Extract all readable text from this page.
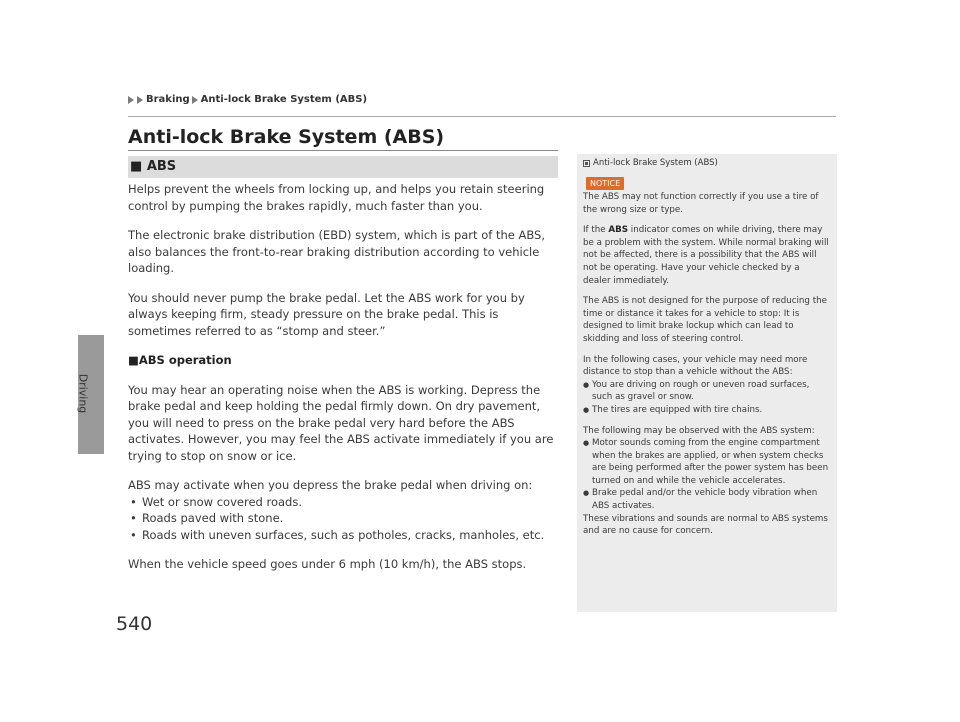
Driving
540
Braking Anti-lock Brake System (ABS)
Anti-lock Brake System (ABS)
■ ABS

Helps prevent the wheels from locking up, and helps you retain steering control by pumping the brakes rapidly, much faster than you.

The electronic brake distribution (EBD) system, which is part of the ABS, also balances the front-to-rear braking distribution according to vehicle loading.

You should never pump the brake pedal. Let the ABS work for you by always keeping firm, steady pressure on the brake pedal. This is sometimes referred to as “stomp and steer.”

■ABS operation

You may hear an operating noise when the ABS is working. Depress the brake pedal and keep holding the pedal firmly down. On dry pavement, you will need to press on the brake pedal very hard before the ABS activates. However, you may feel the ABS activate immediately if you are trying to stop on snow or ice.

ABS may activate when you depress the brake pedal when driving on:

• Wet or snow covered roads.
• Roads paved with stone.
• Roads with uneven surfaces, such as potholes, cracks, manholes, etc.

When the vehicle speed goes under 6 mph (10 km/h), the ABS stops.

Anti-lock Brake System (ABS)
NOTICE

The ABS may not function correctly if you use a tire of the wrong size or type.

If the ABS indicator comes on while driving, there may be a problem with the system. While normal braking will not be affected, there is a possibility that the ABS will not be operating. Have your vehicle checked by a dealer immediately.

The ABS is not designed for the purpose of reducing the time or distance it takes for a vehicle to stop: It is designed to limit brake lockup which can lead to skidding and loss of steering control.

In the following cases, your vehicle may need more distance to stop than a vehicle without the ABS:

● You are driving on rough or uneven road surfaces, such as gravel or snow.
● The tires are equipped with tire chains.

The following may be observed with the ABS system:

● Motor sounds coming from the engine compartment when the brakes are applied, or when system checks are being performed after the power system has been turned on and while the vehicle accelerates.
● Brake pedal and/or the vehicle body vibration when ABS activates.

These vibrations and sounds are normal to ABS systems and are no cause for concern.
